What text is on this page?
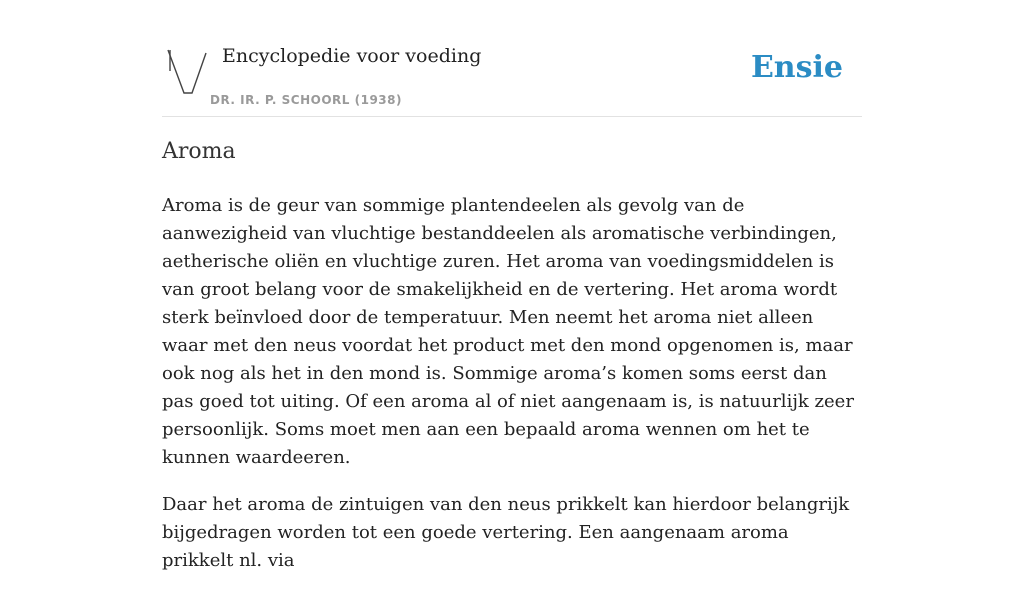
Encyclopedie voor voeding
DR. IR. P. SCHOORL (1938)
Ensie
Aroma

Aroma is de geur van sommige plantendeelen als gevolg van de aanwezigheid van vluchtige bestanddeelen als aromatische verbindingen, aetherische oliën en vluchtige zuren. Het aroma van voedingsmiddelen is van groot belang voor de smakelijkheid en de vertering. Het aroma wordt sterk beïnvloed door de temperatuur. Men neemt het aroma niet alleen waar met den neus voordat het product met den mond opgenomen is, maar ook nog als het in den mond is. Sommige aroma’s komen soms eerst dan pas goed tot uiting. Of een aroma al of niet aangenaam is, is natuurlijk zeer persoonlijk. Soms moet men aan een bepaald aroma wennen om het te kunnen waardeeren.

Daar het aroma de zintuigen van den neus prikkelt kan hierdoor belangrijk bijgedragen worden tot een goede vertering. Een aangenaam aroma prikkelt nl. via
